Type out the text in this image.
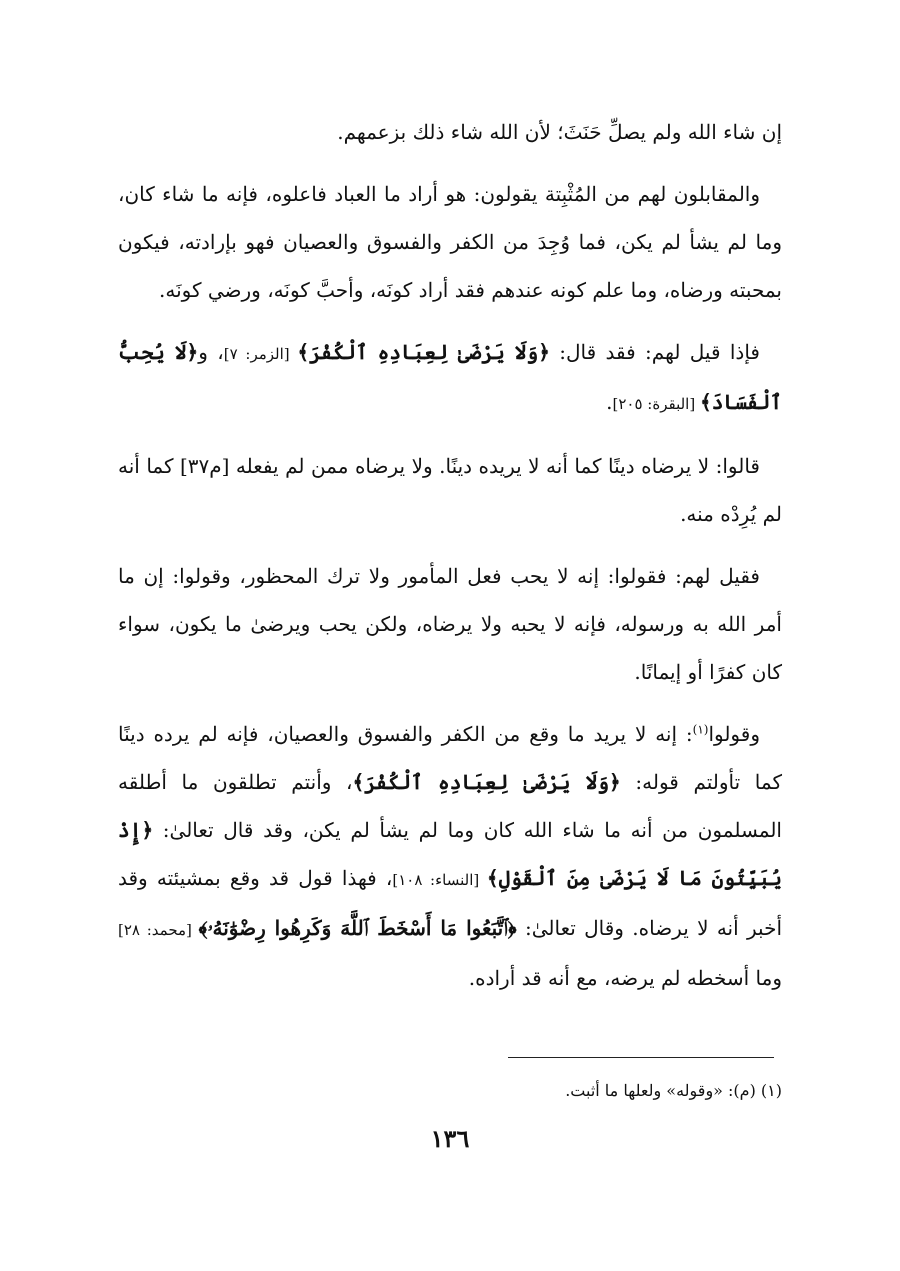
إن شاء الله ولم يصلِّ حَنَثَ؛ لأن الله شاء ذلك بزعمهم.

والمقابلون لهم من المُثْبِتة يقولون: هو أراد ما العباد فاعلوه، فإنه ما شاء كان، وما لم يشأ لم يكن، فما وُجِدَ من الكفر والفسوق والعصيان فهو بإرادته، فيكون بمحبته ورضاه، وما علم كونه عندهم فقد أراد كونَه، وأحبَّ كونَه، ورضي كونَه.

فإذا قيل لهم: فقد قال: ﴿وَلَا يَرْضَىٰ لِعِبَادِهِ ٱلْكُفْرَ﴾ [الزمر: ٧]، و﴿لَا يُحِبُّ ٱلْفَسَادَ﴾ [البقرة: ٢٠٥].

قالوا: لا يرضاه دينًا كما أنه لا يريده دينًا. ولا يرضاه ممن لم يفعله [م٣٧] كما أنه لم يُرِدْه منه.

فقيل لهم: فقولوا: إنه لا يحب فعل المأمور ولا ترك المحظور، وقولوا: إن ما أمر الله به ورسوله، فإنه لا يحبه ولا يرضاه، ولكن يحب ويرضىٰ ما يكون، سواء كان كفرًا أو إيمانًا.

وقولوا$^{(١)}$: إنه لا يريد ما وقع من الكفر والفسوق والعصيان، فإنه لم يرده دينًا كما تأولتم قوله: ﴿وَلَا يَرْضَىٰ لِعِبَادِهِ ٱلْكُفْرَ﴾، وأنتم تطلقون ما أطلقه المسلمون من أنه ما شاء الله كان وما لم يشأ لم يكن، وقد قال تعالىٰ: ﴿إِذْ يُبَيِّتُونَ مَا لَا يَرْضَىٰ مِنَ ٱلْقَوْلِ﴾ [النساء: ١٠٨]، فهذا قول قد وقع بمشيئته وقد أخبر أنه لا يرضاه. وقال تعالىٰ: ﴿ٱتَّبَعُوا مَا أَسْخَطَ ٱللَّهَ وَكَرِهُوا رِضْوَٰنَهُۥ﴾ [محمد: ٢٨] وما أسخطه لم يرضه، مع أنه قد أراده.

(١) (م): «وقوله» ولعلها ما أثبت.
١٣٦
